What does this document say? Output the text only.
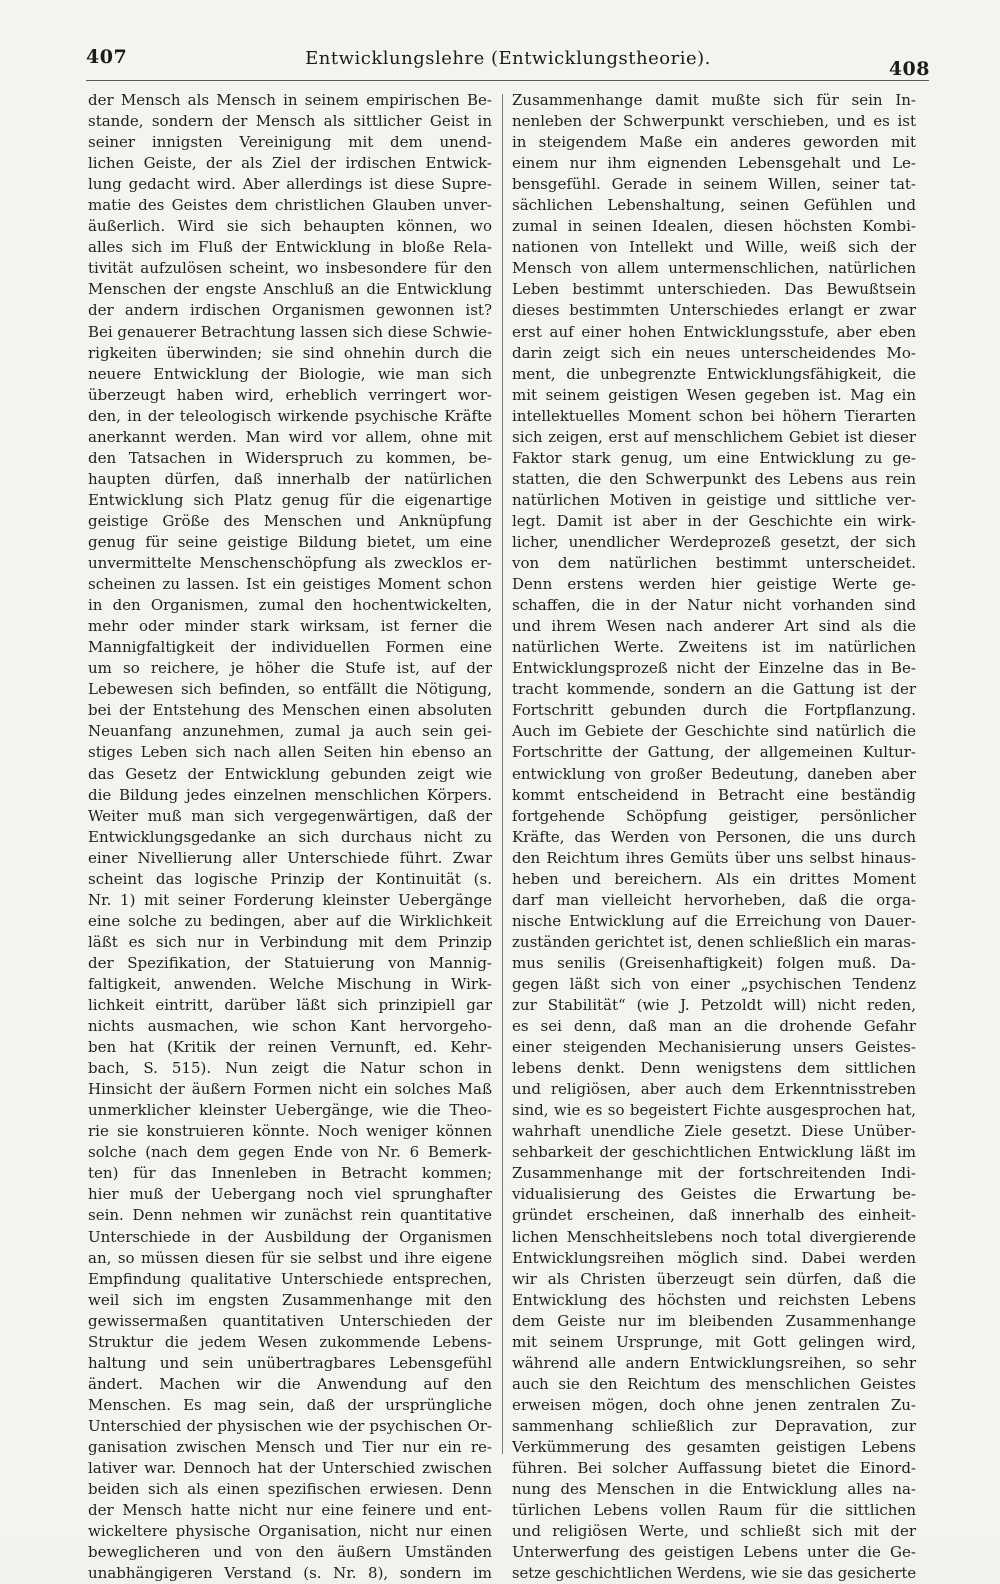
407	Entwicklungslehre (Entwicklungstheorie).	408
der Mensch als Mensch in seinem empirischen Be-
stande, sondern der Mensch als sittlicher Geist in
seiner innigsten Vereinigung mit dem unend-
lichen Geiste, der als Ziel der irdischen Entwick-
lung gedacht wird. Aber allerdings ist diese Supre-
matie des Geistes dem christlichen Glauben unver-
äußerlich. Wird sie sich behaupten können, wo
alles sich im Fluß der Entwicklung in bloße Rela-
tivität aufzulösen scheint, wo insbesondere für den
Menschen der engste Anschluß an die Entwicklung
der andern irdischen Organismen gewonnen ist?
Bei genauerer Betrachtung lassen sich diese Schwie-
rigkeiten überwinden; sie sind ohnehin durch die
neuere Entwicklung der Biologie, wie man sich
überzeugt haben wird, erheblich verringert wor-
den, in der teleologisch wirkende psychische Kräfte
anerkannt werden. Man wird vor allem, ohne mit
den Tatsachen in Widerspruch zu kommen, be-
haupten dürfen, daß innerhalb der natürlichen
Entwicklung sich Platz genug für die eigenartige
geistige Größe des Menschen und Anknüpfung
genug für seine geistige Bildung bietet, um eine
unvermittelte Menschenschöpfung als zwecklos er-
scheinen zu lassen. Ist ein geistiges Moment schon
in den Organismen, zumal den hochentwickelten,
mehr oder minder stark wirksam, ist ferner die
Mannigfaltigkeit der individuellen Formen eine
um so reichere, je höher die Stufe ist, auf der
Lebewesen sich befinden, so entfällt die Nötigung,
bei der Entstehung des Menschen einen absoluten
Neuanfang anzunehmen, zumal ja auch sein gei-
stiges Leben sich nach allen Seiten hin ebenso an
das Gesetz der Entwicklung gebunden zeigt wie
die Bildung jedes einzelnen menschlichen Körpers.
Weiter muß man sich vergegenwärtigen, daß der
Entwicklungsgedanke an sich durchaus nicht zu
einer Nivellierung aller Unterschiede führt. Zwar
scheint das logische Prinzip der Kontinuität (s.
Nr. 1) mit seiner Forderung kleinster Uebergänge
eine solche zu bedingen, aber auf die Wirklichkeit
läßt es sich nur in Verbindung mit dem Prinzip
der Spezifikation, der Statuierung von Mannig-
faltigkeit, anwenden. Welche Mischung in Wirk-
lichkeit eintritt, darüber läßt sich prinzipiell gar
nichts ausmachen, wie schon Kant hervorgeho-
ben hat (Kritik der reinen Vernunft, ed. Kehr-
bach, S. 515). Nun zeigt die Natur schon in
Hinsicht der äußern Formen nicht ein solches Maß
unmerklicher kleinster Uebergänge, wie die Theo-
rie sie konstruieren könnte. Noch weniger können
solche (nach dem gegen Ende von Nr. 6 Bemerk-
ten) für das Innenleben in Betracht kommen;
hier muß der Uebergang noch viel sprunghafter
sein. Denn nehmen wir zunächst rein quantitative
Unterschiede in der Ausbildung der Organismen
an, so müssen diesen für sie selbst und ihre eigene
Empfindung qualitative Unterschiede entsprechen,
weil sich im engsten Zusammenhange mit den
gewissermaßen quantitativen Unterschieden der
Struktur die jedem Wesen zukommende Lebens-
haltung und sein unübertragbares Lebensgefühl
ändert. Machen wir die Anwendung auf den
Menschen. Es mag sein, daß der ursprüngliche
Unterschied der physischen wie der psychischen Or-
ganisation zwischen Mensch und Tier nur ein re-
lativer war. Dennoch hat der Unterschied zwischen
beiden sich als einen spezifischen erwiesen. Denn
der Mensch hatte nicht nur eine feinere und ent-
wickeltere physische Organisation, nicht nur einen
beweglicheren und von den äußern Umständen
unabhängigeren Verstand (s. Nr. 8), sondern im
Zusammenhange damit mußte sich für sein In-
nenleben der Schwerpunkt verschieben, und es ist
in steigendem Maße ein anderes geworden mit
einem nur ihm eignenden Lebensgehalt und Le-
bensgefühl. Gerade in seinem Willen, seiner tat-
sächlichen Lebenshaltung, seinen Gefühlen und
zumal in seinen Idealen, diesen höchsten Kombi-
nationen von Intellekt und Wille, weiß sich der
Mensch von allem untermenschlichen, natürlichen
Leben bestimmt unterschieden. Das Bewußtsein
dieses bestimmten Unterschiedes erlangt er zwar
erst auf einer hohen Entwicklungsstufe, aber eben
darin zeigt sich ein neues unterscheidendes Mo-
ment, die unbegrenzte Entwicklungsfähigkeit, die
mit seinem geistigen Wesen gegeben ist. Mag ein
intellektuelles Moment schon bei höhern Tierarten
sich zeigen, erst auf menschlichem Gebiet ist dieser
Faktor stark genug, um eine Entwicklung zu ge-
statten, die den Schwerpunkt des Lebens aus rein
natürlichen Motiven in geistige und sittliche ver-
legt. Damit ist aber in der Geschichte ein wirk-
licher, unendlicher Werdeprozeß gesetzt, der sich
von dem natürlichen bestimmt unterscheidet.
Denn erstens werden hier geistige Werte ge-
schaffen, die in der Natur nicht vorhanden sind
und ihrem Wesen nach anderer Art sind als die
natürlichen Werte. Zweitens ist im natürlichen
Entwicklungsprozeß nicht der Einzelne das in Be-
tracht kommende, sondern an die Gattung ist der
Fortschritt gebunden durch die Fortpflanzung.
Auch im Gebiete der Geschichte sind natürlich die
Fortschritte der Gattung, der allgemeinen Kultur-
entwicklung von großer Bedeutung, daneben aber
kommt entscheidend in Betracht eine beständig
fortgehende Schöpfung geistiger, persönlicher
Kräfte, das Werden von Personen, die uns durch
den Reichtum ihres Gemüts über uns selbst hinaus-
heben und bereichern. Als ein drittes Moment
darf man vielleicht hervorheben, daß die orga-
nische Entwicklung auf die Erreichung von Dauer-
zuständen gerichtet ist, denen schließlich ein maras-
mus senilis (Greisenhaftigkeit) folgen muß. Da-
gegen läßt sich von einer „psychischen Tendenz
zur Stabilität“ (wie J. Petzoldt will) nicht reden,
es sei denn, daß man an die drohende Gefahr
einer steigenden Mechanisierung unsers Geistes-
lebens denkt. Denn wenigstens dem sittlichen
und religiösen, aber auch dem Erkenntnisstreben
sind, wie es so begeistert Fichte ausgesprochen hat,
wahrhaft unendliche Ziele gesetzt. Diese Unüber-
sehbarkeit der geschichtlichen Entwicklung läßt im
Zusammenhange mit der fortschreitenden Indi-
vidualisierung des Geistes die Erwartung be-
gründet erscheinen, daß innerhalb des einheit-
lichen Menschheitslebens noch total divergierende
Entwicklungsreihen möglich sind. Dabei werden
wir als Christen überzeugt sein dürfen, daß die
Entwicklung des höchsten und reichsten Lebens
dem Geiste nur im bleibenden Zusammenhange
mit seinem Ursprunge, mit Gott gelingen wird,
während alle andern Entwicklungsreihen, so sehr
auch sie den Reichtum des menschlichen Geistes
erweisen mögen, doch ohne jenen zentralen Zu-
sammenhang schließlich zur Depravation, zur
Verkümmerung des gesamten geistigen Lebens
führen. Bei solcher Auffassung bietet die Einord-
nung des Menschen in die Entwicklung alles na-
türlichen Lebens vollen Raum für die sittlichen
und religiösen Werte, und schließt sich mit der
Unterwerfung des geistigen Lebens unter die Ge-
setze geschichtlichen Werdens, wie sie das gesicherte
